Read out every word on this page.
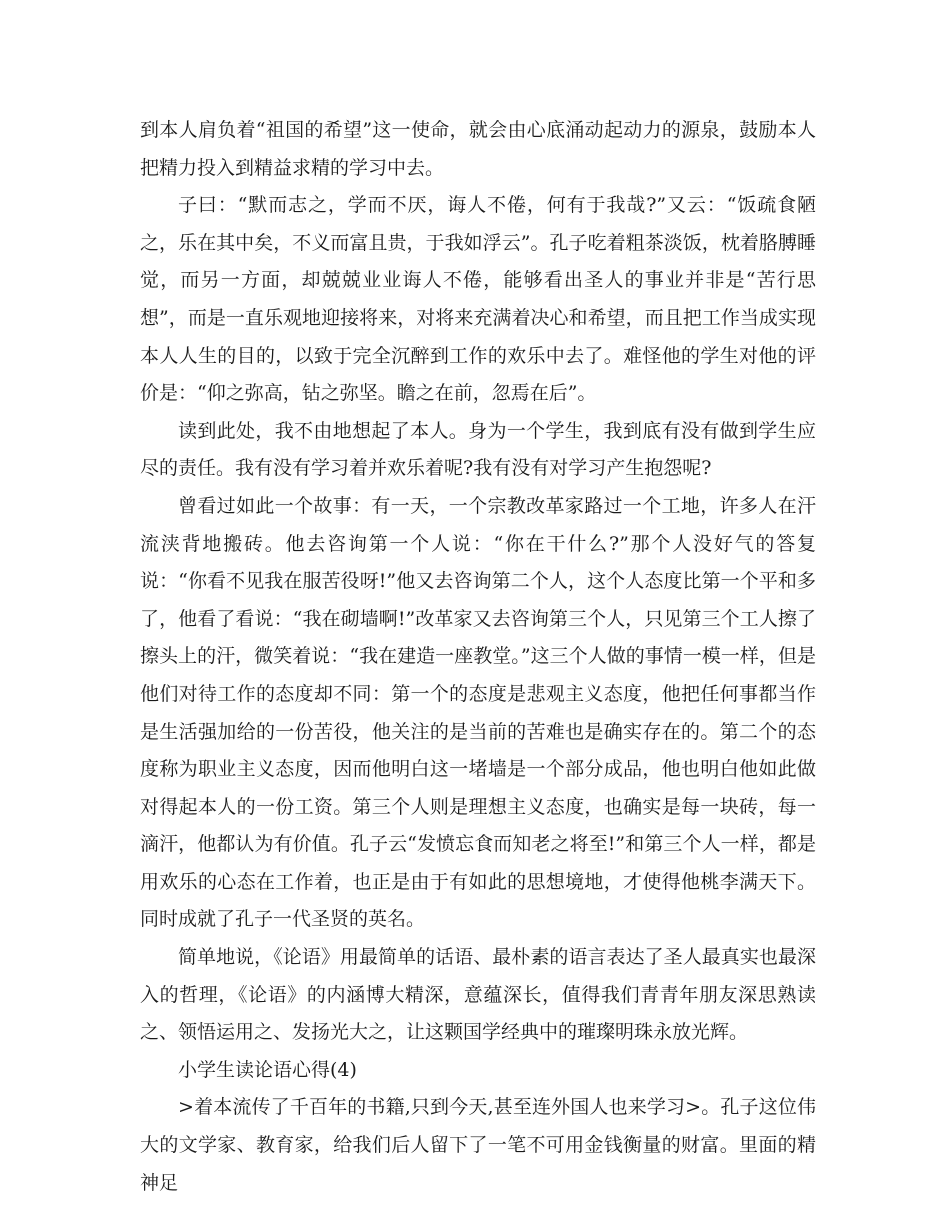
到本人肩负着“祖国的希望”这一使命，就会由心底涌动起动力的源泉，鼓励本人把精力投入到精益求精的学习中去。

子曰：“默而志之，学而不厌，诲人不倦，何有于我哉?”又云：“饭疏食陋之，乐在其中矣，不义而富且贵，于我如浮云”。孔子吃着粗茶淡饭，枕着胳膊睡觉，而另一方面，却兢兢业业诲人不倦，能够看出圣人的事业并非是“苦行思想”，而是一直乐观地迎接将来，对将来充满着决心和希望，而且把工作当成实现本人人生的目的，以致于完全沉醉到工作的欢乐中去了。难怪他的学生对他的评价是：“仰之弥高，钻之弥坚。瞻之在前，忽焉在后”。

读到此处，我不由地想起了本人。身为一个学生，我到底有没有做到学生应尽的责任。我有没有学习着并欢乐着呢?我有没有对学习产生抱怨呢?

曾看过如此一个故事：有一天，一个宗教改革家路过一个工地，许多人在汗流浃背地搬砖。他去咨询第一个人说：“你在干什么?”那个人没好气的答复说：“你看不见我在服苦役呀!”他又去咨询第二个人，这个人态度比第一个平和多了，他看了看说：“我在砌墙啊!”改革家又去咨询第三个人，只见第三个工人擦了擦头上的汗，微笑着说：“我在建造一座教堂。”这三个人做的事情一模一样，但是他们对待工作的态度却不同：第一个的态度是悲观主义态度，他把任何事都当作是生活强加给的一份苦役，他关注的是当前的苦难也是确实存在的。第二个的态度称为职业主义态度，因而他明白这一堵墙是一个部分成品，他也明白他如此做对得起本人的一份工资。第三个人则是理想主义态度，也确实是每一块砖，每一滴汗，他都认为有价值。孔子云“发愤忘食而知老之将至!”和第三个人一样，都是用欢乐的心态在工作着，也正是由于有如此的思想境地，才使得他桃李满天下。同时成就了孔子一代圣贤的英名。

简单地说，《论语》用最简单的话语、最朴素的语言表达了圣人最真实也最深入的哲理，《论语》的内涵博大精深，意蕴深长，值得我们青青年朋友深思熟读之、领悟运用之、发扬光大之，让这颗国学经典中的璀璨明珠永放光辉。

小学生读论语心得(4)

>着本流传了千百年的书籍,只到今天,甚至连外国人也来学习>。孔子这位伟大的文学家、教育家，给我们后人留下了一笔不可用金钱衡量的财富。里面的精神足
